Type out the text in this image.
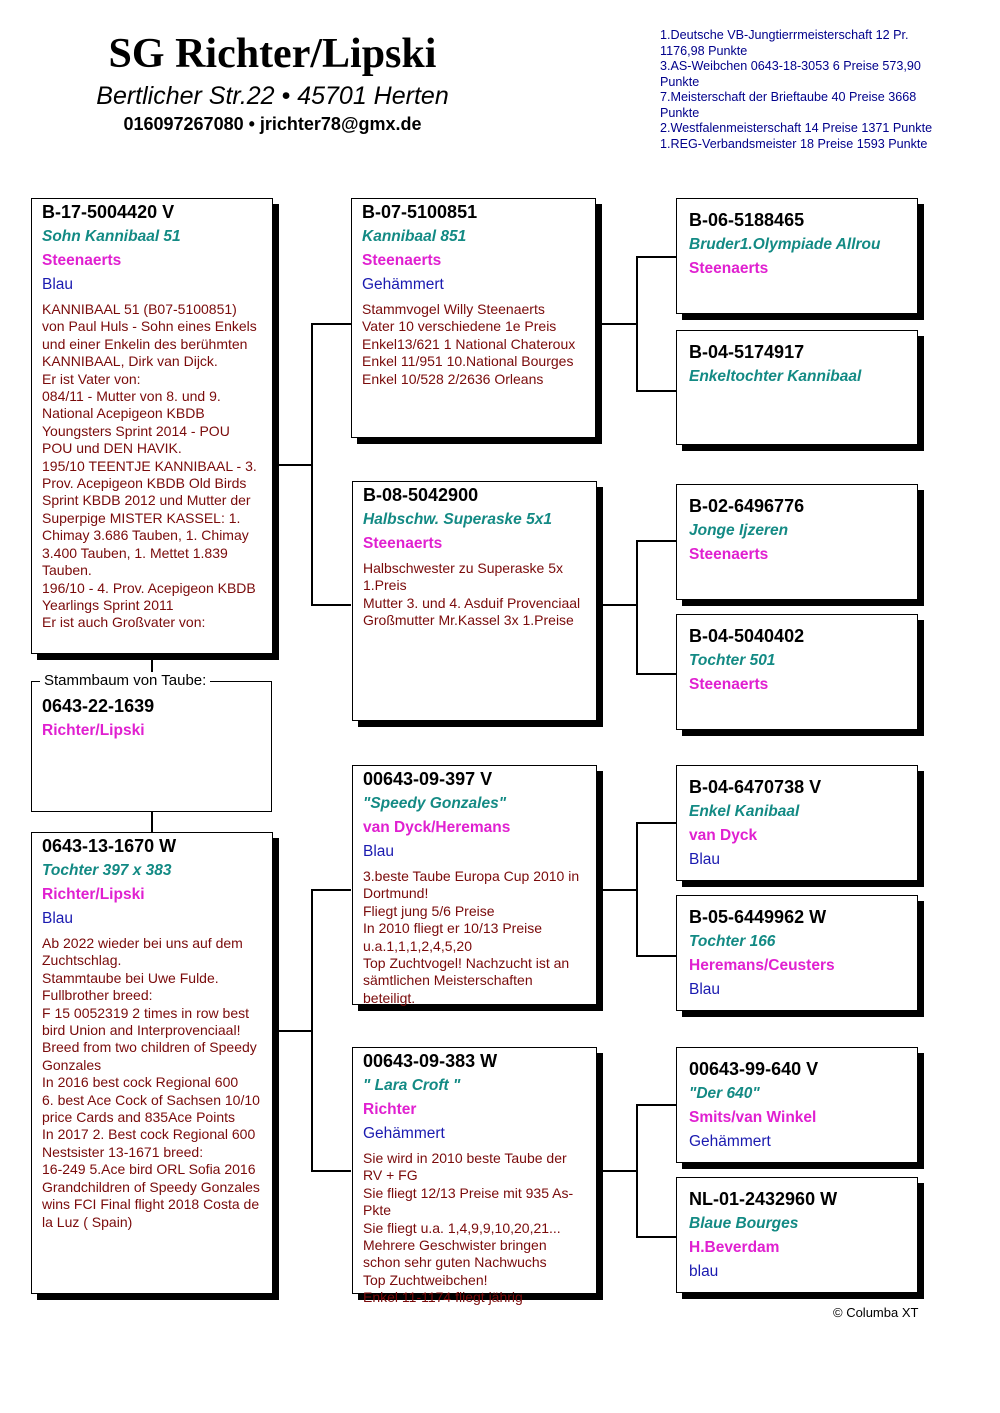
SG Richter/Lipski
Bertlicher Str.22 • 45701 Herten
016097267080 • jrichter78@gmx.de
1.Deutsche VB-Jungtierrmeisterschaft 12 Pr. 1176,98 Punkte
3.AS-Weibchen 0643-18-3053 6 Preise 573,90 Punkte
7.Meisterschaft der Brieftaube 40 Preise 3668 Punkte
2.Westfalenmeisterschaft 14 Preise 1371 Punkte
1.REG-Verbandsmeister 18 Preise 1593 Punkte
B-17-5004420 V
Sohn Kannibaal 51
Steenaerts
Blau
KANNIBAAL 51 (B07-5100851) von Paul Huls - Sohn eines Enkels und einer Enkelin des berühmten KANNIBAAL, Dirk van Dijck.
Er ist Vater von:
084/11 - Mutter von 8. und 9. National Acepigeon KBDB Youngsters Sprint 2014 - POU POU und DEN HAVIK.
195/10 TEENTJE KANNIBAAL - 3. Prov. Acepigeon KBDB Old Birds Sprint KBDB 2012 und Mutter der Superpige MISTER KASSEL: 1. Chimay 3.686 Tauben, 1. Chimay 3.400 Tauben, 1. Mettet 1.839 Tauben.
196/10 - 4. Prov. Acepigeon KBDB Yearlings Sprint 2011
Er ist auch Großvater von:
0643-22-1639
Richter/Lipski
Stammbaum von Taube:
0643-13-1670 W
Tochter 397 x 383
Richter/Lipski
Blau
Ab 2022 wieder bei uns auf dem Zuchtschlag.
Stammtaube bei Uwe Fulde.
Fullbrother breed:
F 15 0052319 2 times in row best bird Union and Interprovenciaal!
Breed from two children of Speedy Gonzales
In 2016 best cock Regional 600
6. best Ace Cock of Sachsen 10/10 price Cards and 835Ace Points
In 2017 2. Best cock Regional 600
Nestsister 13-1671 breed:
16-249 5.Ace bird ORL Sofia 2016
Grandchildren of Speedy Gonzales wins FCI Final flight 2018 Costa de la Luz ( Spain)
B-07-5100851
Kannibaal 851
Steenaerts
Gehämmert
Stammvogel Willy Steenaerts
Vater 10 verschiedene 1e Preis
Enkel13/621 1 National Chateroux
Enkel 11/951 10.National Bourges
Enkel 10/528 2/2636 Orleans
B-08-5042900
Halbschw. Superaske 5x1
Steenaerts
Halbschwester zu Superaske 5x 1.Preis
Mutter 3. und 4. Asduif Provenciaal
Großmutter Mr.Kassel 3x 1.Preise
00643-09-397 V
"Speedy Gonzales"
van Dyck/Heremans
Blau
3.beste Taube Europa Cup 2010 in Dortmund!
Fliegt jung 5/6 Preise
In 2010 fliegt er 10/13 Preise u.a.1,1,1,2,4,5,20
Top Zuchtvogel! Nachzucht ist an sämtlichen Meisterschaften beteiligt.
00643-09-383 W
" Lara Croft "
Richter
Gehämmert
Sie wird in 2010 beste Taube der RV + FG
Sie fliegt 12/13 Preise mit 935 As-Pkte
Sie fliegt u.a. 1,4,9,9,10,20,21...
Mehrere Geschwister bringen schon sehr guten Nachwuchs
Top Zuchtweibchen!
Enkel 11-1174 fliegt jährig
B-06-5188465
Bruder1.Olympiade Allrou
Steenaerts
B-04-5174917
Enkeltochter Kannibaal
B-02-6496776
Jonge Ijzeren
Steenaerts
B-04-5040402
Tochter 501
Steenaerts
B-04-6470738 V
Enkel Kanibaal
van Dyck
Blau
B-05-6449962 W
Tochter 166
Heremans/Ceusters
Blau
00643-99-640 V
"Der 640"
Smits/van Winkel
Gehämmert
NL-01-2432960 W
Blaue Bourges
H.Beverdam
blau
© Columba XT
